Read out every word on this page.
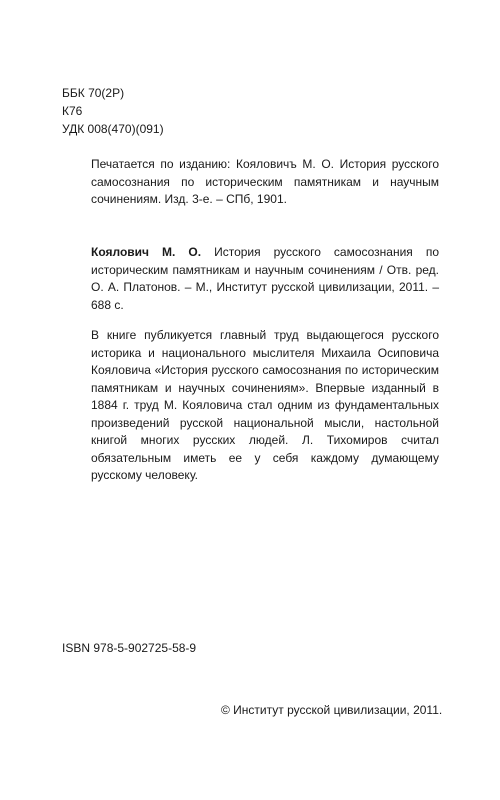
ББК 70(2Р)
К76
УДК 008(470)(091)

Печатается по изданию: Кояловичъ М. О. История русского самосознания по историческим памятникам и научным сочинениям. Изд. 3-е. – СПб, 1901.

Коялович М. О. История русского самосознания по историческим памятникам и научным сочинениям / Отв. ред. О. А. Платонов. – М., Институт русской цивилизации, 2011. – 688 с.

В книге публикуется главный труд выдающегося русского историка и национального мыслителя Михаила Осиповича Кояловича «История русского самосознания по историческим памятникам и научных сочинениям». Впервые изданный в 1884 г. труд М. Кояловича стал одним из фундаментальных произведений русской национальной мысли, настольной книгой многих русских людей. Л. Тихомиров считал обязательным иметь ее у себя каждому думающему русскому человеку.

ISBN 978-5-902725-58-9
© Институт русской цивилизации, 2011.
